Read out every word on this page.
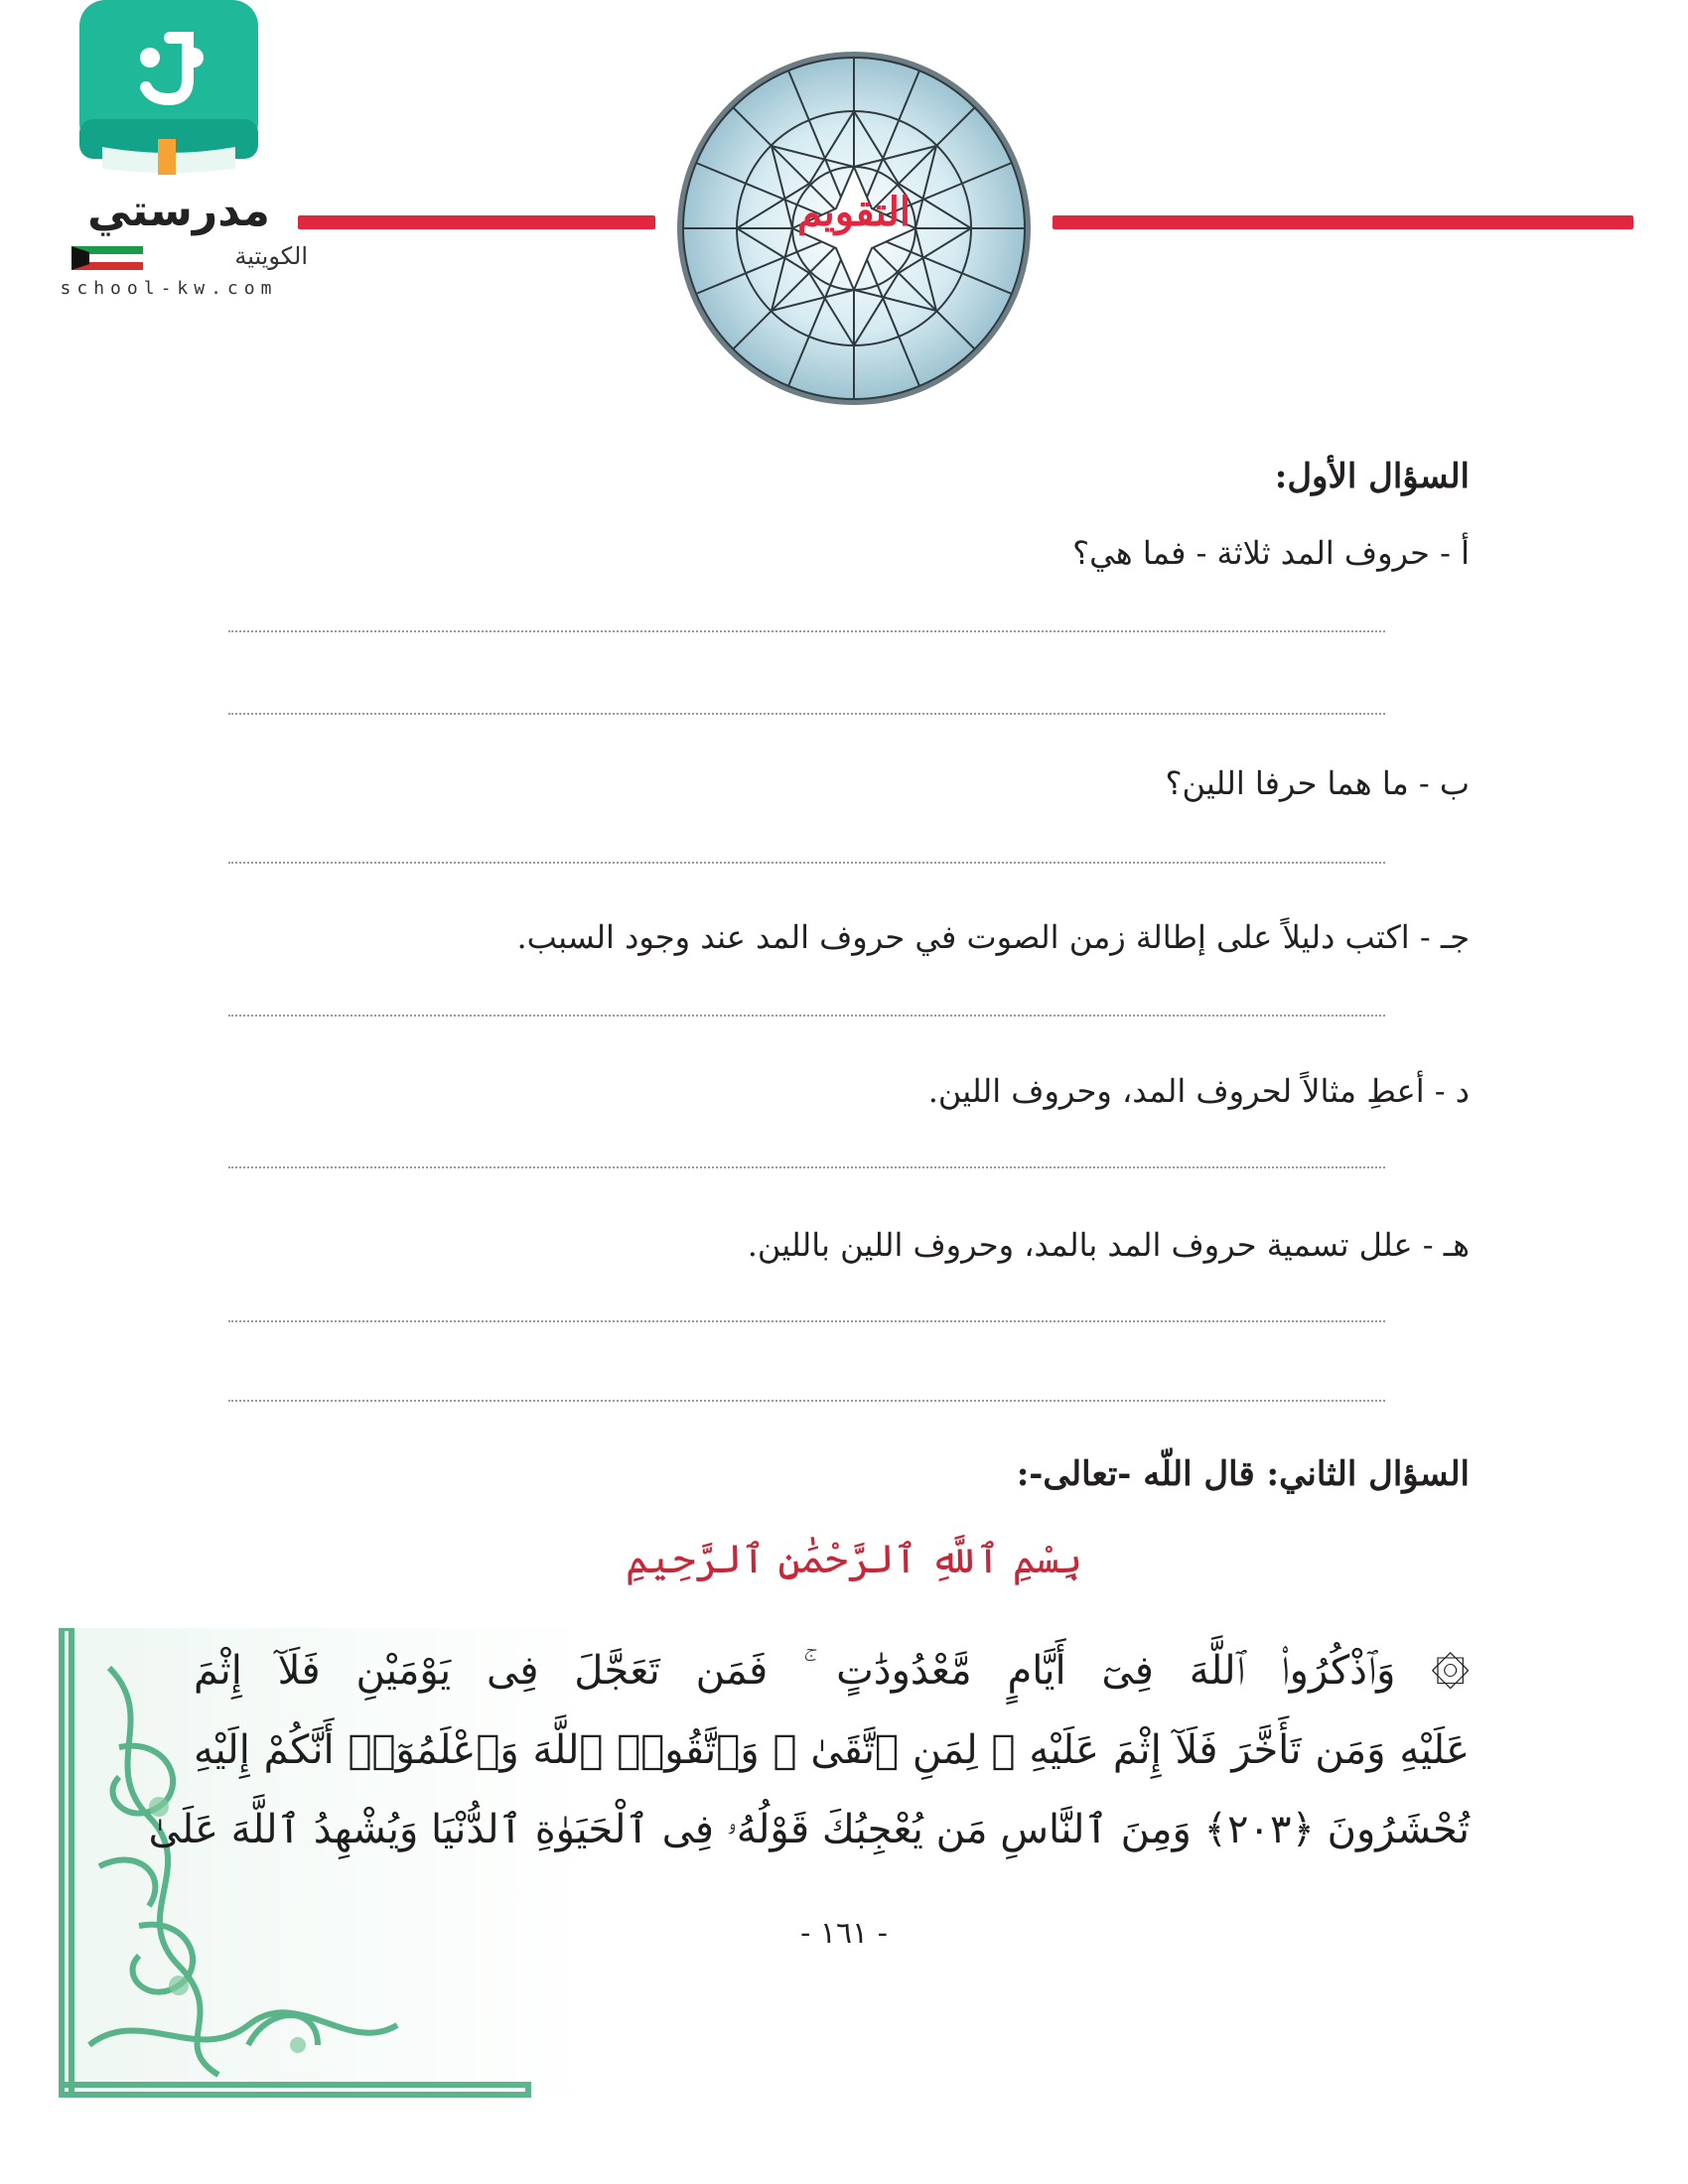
مدرستي
الكويتية
school-kw.com
التقويم
السؤال الأول:
أ - حروف المد ثلاثة - فما هي؟
ب - ما هما حرفا اللين؟
جـ - اكتب دليلاً على إطالة زمن الصوت في حروف المد عند وجود السبب.
د - أعطِ مثالاً لحروف المد، وحروف اللين.
هـ - علل تسمية حروف المد بالمد، وحروف اللين باللين.
السؤال الثاني: قال اللّه -تعالى-:
بِسْمِ ٱللَّهِ ٱلرَّحْمَٰنِ ٱلرَّحِيمِ
۞ وَٱذْكُرُوا۟ ٱللَّهَ فِىٓ أَيَّامٍ مَّعْدُودَٰتٍ ۚ فَمَن تَعَجَّلَ فِى يَوْمَيْنِ فَلَآ إِثْمَ
عَلَيْهِ وَمَن تَأَخَّرَ فَلَآ إِثْمَ عَلَيْهِ ۚ لِمَنِ ٱتَّقَىٰ ۗ وَٱتَّقُوا۟ ٱللَّهَ وَٱعْلَمُوٓا۟ أَنَّكُمْ إِلَيْهِ
تُحْشَرُونَ ﴿٢٠٣﴾ وَمِنَ ٱلنَّاسِ مَن يُعْجِبُكَ قَوْلُهُۥ فِى ٱلْحَيَوٰةِ ٱلدُّنْيَا وَيُشْهِدُ ٱللَّهَ عَلَىٰ
- ١٦١ -
